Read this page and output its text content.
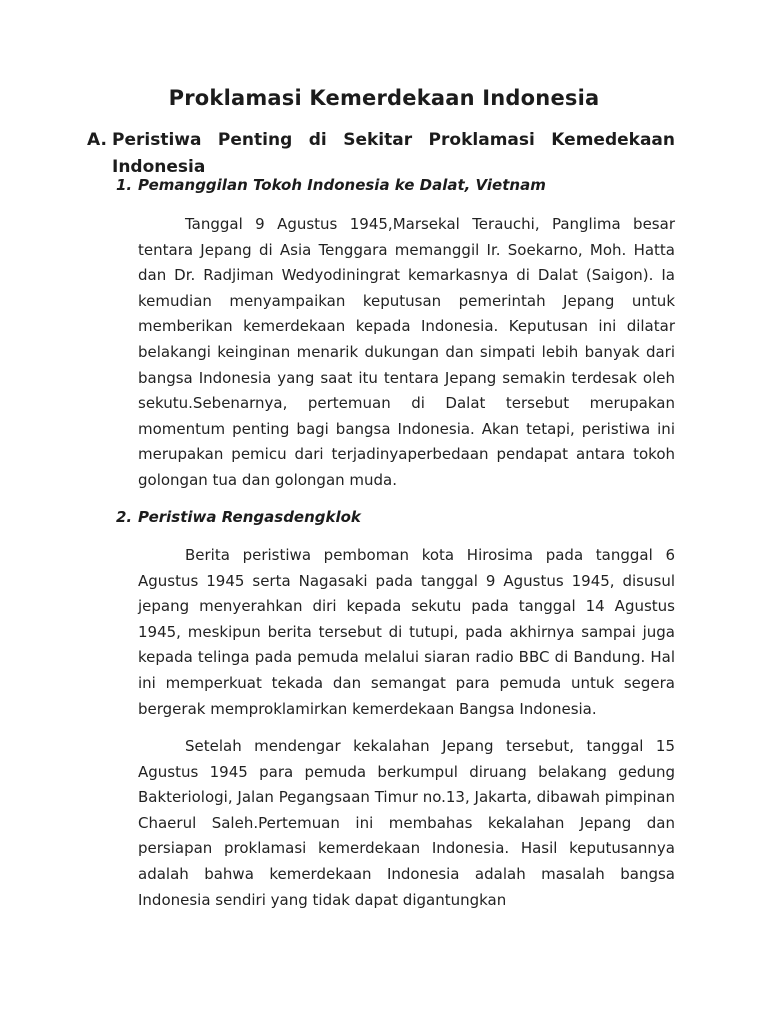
Proklamasi Kemerdekaan Indonesia
A. Peristiwa Penting di Sekitar Proklamasi Kemedekaan
Indonesia
1. Pemanggilan Tokoh Indonesia ke Dalat, Vietnam

Tanggal 9 Agustus 1945,Marsekal Terauchi, Panglima besar tentara Jepang di Asia Tenggara memanggil Ir. Soekarno, Moh. Hatta dan Dr. Radjiman Wedyodiningrat kemarkasnya di Dalat (Saigon). Ia kemudian menyampaikan keputusan pemerintah Jepang untuk memberikan kemerdekaan kepada Indonesia. Keputusan ini dilatar belakangi keinginan menarik dukungan dan simpati lebih banyak dari bangsa Indonesia yang saat itu tentara Jepang semakin terdesak oleh sekutu.Sebenarnya, pertemuan di Dalat tersebut merupakan momentum penting bagi bangsa Indonesia. Akan tetapi, peristiwa ini merupakan pemicu dari terjadinyaperbedaan pendapat antara tokoh golongan tua dan golongan muda.

2. Peristiwa Rengasdengklok

Berita peristiwa pemboman kota Hirosima pada tanggal 6 Agustus 1945 serta Nagasaki pada tanggal 9 Agustus 1945, disusul jepang menyerahkan diri kepada sekutu pada tanggal 14 Agustus 1945, meskipun berita tersebut di tutupi, pada akhirnya sampai juga kepada telinga pada pemuda melalui siaran radio BBC di Bandung. Hal ini memperkuat tekada dan semangat para pemuda untuk segera bergerak memproklamirkan kemerdekaan Bangsa Indonesia.

Setelah mendengar kekalahan Jepang tersebut, tanggal 15 Agustus 1945 para pemuda berkumpul diruang belakang gedung Bakteriologi, Jalan Pegangsaan Timur no.13, Jakarta, dibawah pimpinan Chaerul Saleh.Pertemuan ini membahas kekalahan Jepang dan persiapan proklamasi kemerdekaan Indonesia. Hasil keputusannya adalah bahwa kemerdekaan Indonesia adalah masalah bangsa Indonesia sendiri yang tidak dapat digantungkan
